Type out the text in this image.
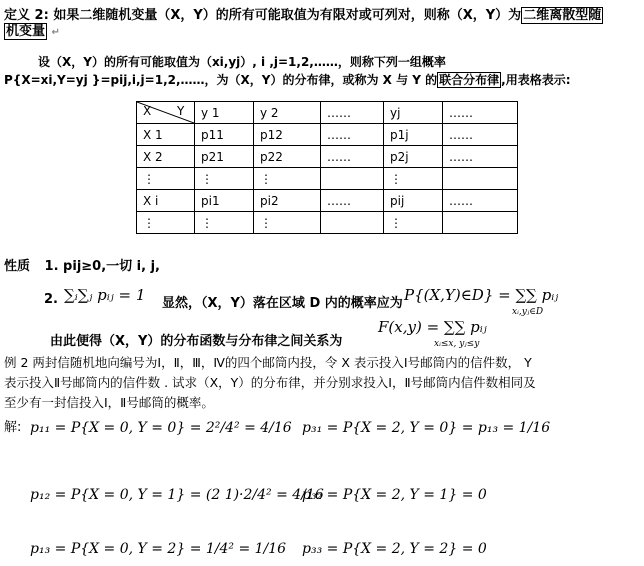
定义 2: 如果二维随机变量（X，Y）的所有可能取值为有限对或可列对，则称（X，Y）为 二维离散型随
机变量 ↵
设（X，Y）的所有可能取值为（xi,yj）, i ,j=1,2,……，则称下列一组概率
P{X=xi,Y=yj }=pij,i,j=1,2,……，为（X，Y）的分布律，或称为 X 与 Y 的 联合分布律 ,用表格表示:
X Y	y 1	y 2	……	yj	……
X 1	p11	p12	……	p1j	……
X 2	p21	p22	……	p2j	……
⋮	⋮	⋮		⋮	
X i	pi1	pi2	……	pij	……
⋮	⋮	⋮		⋮	
性质 1. pij≥0,一切 i, j,
2. ∑ᵢ∑ⱼ pᵢⱼ = 1 显然，（X，Y）落在区域 D 内的概率应为 P{(X,Y)∈D} = ∑∑ pᵢⱼ
xᵢ,yⱼ∈D
由此便得（X，Y）的分布函数与分布律之间关系为
F(x,y) = ∑∑ pᵢⱼ
xᵢ≤x, yⱼ≤y
例 2 两封信随机地向编号为Ⅰ，Ⅱ，Ⅲ，Ⅳ的四个邮筒内投，令 X 表示投入Ⅰ号邮筒内的信件数， Y
表示投入Ⅱ号邮筒内的信件数 . 试求（X，Y）的分布律，并分别求投入Ⅰ，Ⅱ号邮筒内信件数相同及
至少有一封信投入Ⅰ，Ⅱ号邮筒的概率。
解: p₁₁ = P{X = 0, Y = 0} = 2²/4² = 4/16 p₃₁ = P{X = 2, Y = 0} = p₁₃ = 1/16
p₁₂ = P{X = 0, Y = 1} = (2 1)·2/4² = 4/16
p₃₂ = P{X = 2, Y = 1} = 0
p₁₃ = P{X = 0, Y = 2} = 1/4² = 1/16 p₃₃ = P{X = 2, Y = 2} = 0
